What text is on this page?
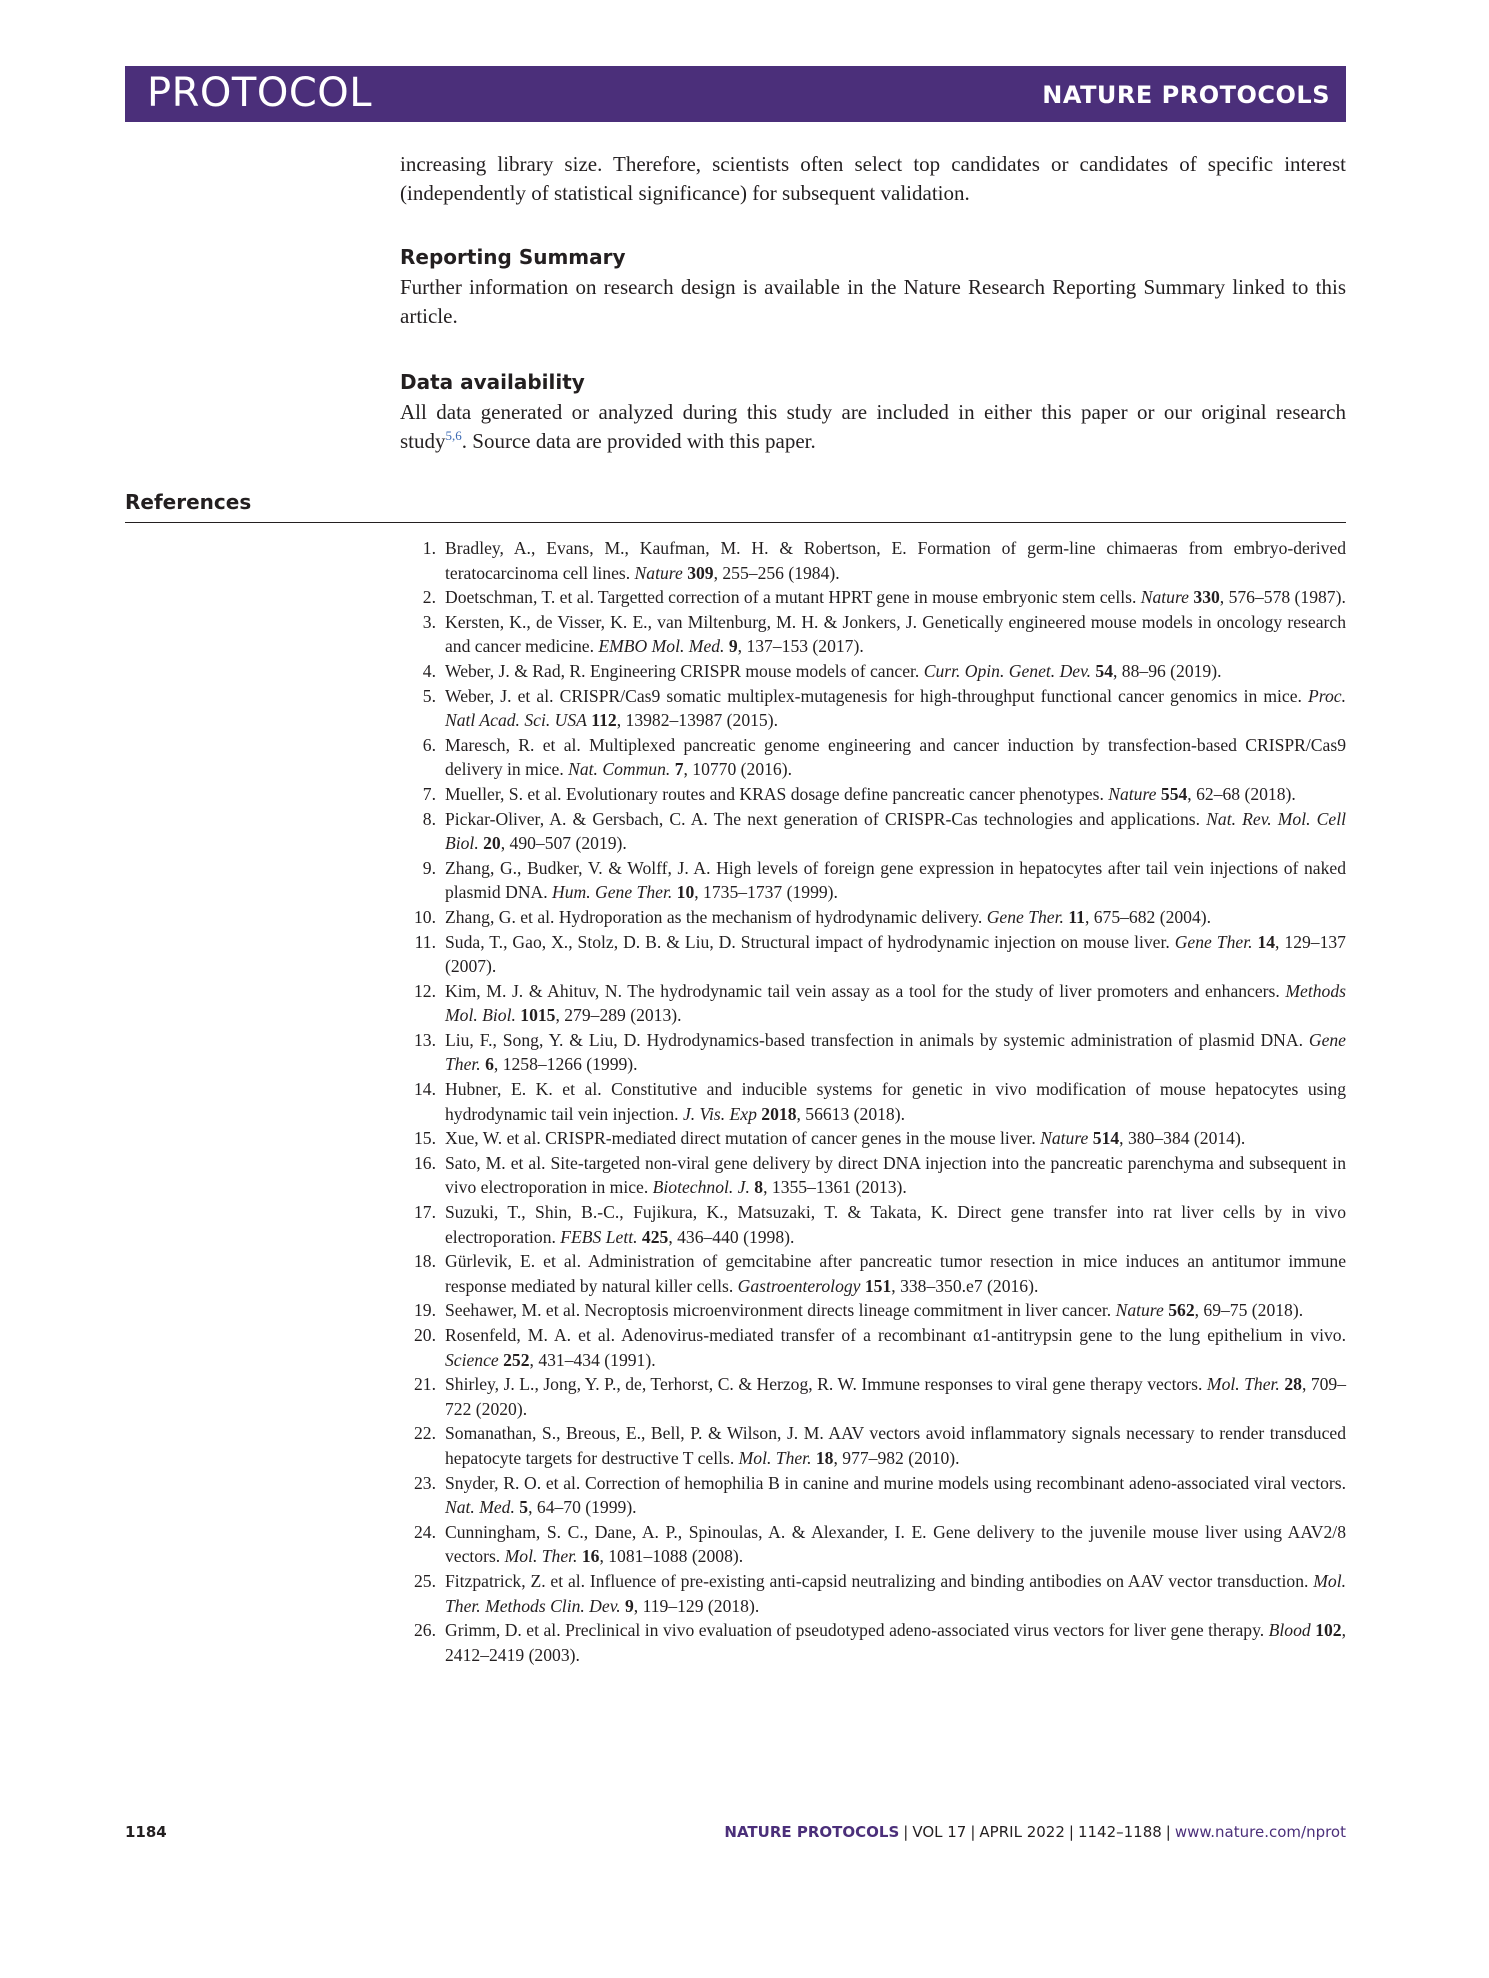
PROTOCOL	NATURE PROTOCOLS

increasing library size. Therefore, scientists often select top candidates or candidates of specific interest (independently of statistical significance) for subsequent validation.

Reporting Summary

Further information on research design is available in the Nature Research Reporting Summary linked to this article.

Data availability

All data generated or analyzed during this study are included in either this paper or our original research study$^{5,6}$. Source data are provided with this paper.

References
1. Bradley, A., Evans, M., Kaufman, M. H. & Robertson, E. Formation of germ-line chimaeras from embryo-derived teratocarcinoma cell lines. Nature 309, 255–256 (1984).
2. Doetschman, T. et al. Targetted correction of a mutant HPRT gene in mouse embryonic stem cells. Nature 330, 576–578 (1987).
3. Kersten, K., de Visser, K. E., van Miltenburg, M. H. & Jonkers, J. Genetically engineered mouse models in oncology research and cancer medicine. EMBO Mol. Med. 9, 137–153 (2017).
4. Weber, J. & Rad, R. Engineering CRISPR mouse models of cancer. Curr. Opin. Genet. Dev. 54, 88–96 (2019).
5. Weber, J. et al. CRISPR/Cas9 somatic multiplex-mutagenesis for high-throughput functional cancer genomics in mice. Proc. Natl Acad. Sci. USA 112, 13982–13987 (2015).
6. Maresch, R. et al. Multiplexed pancreatic genome engineering and cancer induction by transfection-based CRISPR/Cas9 delivery in mice. Nat. Commun. 7, 10770 (2016).
7. Mueller, S. et al. Evolutionary routes and KRAS dosage define pancreatic cancer phenotypes. Nature 554, 62–68 (2018).
8. Pickar-Oliver, A. & Gersbach, C. A. The next generation of CRISPR-Cas technologies and applications. Nat. Rev. Mol. Cell Biol. 20, 490–507 (2019).
9. Zhang, G., Budker, V. & Wolff, J. A. High levels of foreign gene expression in hepatocytes after tail vein injections of naked plasmid DNA. Hum. Gene Ther. 10, 1735–1737 (1999).
10. Zhang, G. et al. Hydroporation as the mechanism of hydrodynamic delivery. Gene Ther. 11, 675–682 (2004).
11. Suda, T., Gao, X., Stolz, D. B. & Liu, D. Structural impact of hydrodynamic injection on mouse liver. Gene Ther. 14, 129–137 (2007).
12. Kim, M. J. & Ahituv, N. The hydrodynamic tail vein assay as a tool for the study of liver promoters and enhancers. Methods Mol. Biol. 1015, 279–289 (2013).
13. Liu, F., Song, Y. & Liu, D. Hydrodynamics-based transfection in animals by systemic administration of plasmid DNA. Gene Ther. 6, 1258–1266 (1999).
14. Hubner, E. K. et al. Constitutive and inducible systems for genetic in vivo modification of mouse hepatocytes using hydrodynamic tail vein injection. J. Vis. Exp 2018, 56613 (2018).
15. Xue, W. et al. CRISPR-mediated direct mutation of cancer genes in the mouse liver. Nature 514, 380–384 (2014).
16. Sato, M. et al. Site-targeted non-viral gene delivery by direct DNA injection into the pancreatic parenchyma and subsequent in vivo electroporation in mice. Biotechnol. J. 8, 1355–1361 (2013).
17. Suzuki, T., Shin, B.-C., Fujikura, K., Matsuzaki, T. & Takata, K. Direct gene transfer into rat liver cells by in vivo electroporation. FEBS Lett. 425, 436–440 (1998).
18. Gürlevik, E. et al. Administration of gemcitabine after pancreatic tumor resection in mice induces an antitumor immune response mediated by natural killer cells. Gastroenterology 151, 338–350.e7 (2016).
19. Seehawer, M. et al. Necroptosis microenvironment directs lineage commitment in liver cancer. Nature 562, 69–75 (2018).
20. Rosenfeld, M. A. et al. Adenovirus-mediated transfer of a recombinant α1-antitrypsin gene to the lung epithelium in vivo. Science 252, 431–434 (1991).
21. Shirley, J. L., Jong, Y. P., de, Terhorst, C. & Herzog, R. W. Immune responses to viral gene therapy vectors. Mol. Ther. 28, 709–722 (2020).
22. Somanathan, S., Breous, E., Bell, P. & Wilson, J. M. AAV vectors avoid inflammatory signals necessary to render transduced hepatocyte targets for destructive T cells. Mol. Ther. 18, 977–982 (2010).
23. Snyder, R. O. et al. Correction of hemophilia B in canine and murine models using recombinant adeno-associated viral vectors. Nat. Med. 5, 64–70 (1999).
24. Cunningham, S. C., Dane, A. P., Spinoulas, A. & Alexander, I. E. Gene delivery to the juvenile mouse liver using AAV2/8 vectors. Mol. Ther. 16, 1081–1088 (2008).
25. Fitzpatrick, Z. et al. Influence of pre-existing anti-capsid neutralizing and binding antibodies on AAV vector transduction. Mol. Ther. Methods Clin. Dev. 9, 119–129 (2018).
26. Grimm, D. et al. Preclinical in vivo evaluation of pseudotyped adeno-associated virus vectors for liver gene therapy. Blood 102, 2412–2419 (2003).
1184	NATURE PROTOCOLS | VOL 17 | APRIL 2022 | 1142–1188 | www.nature.com/nprot
